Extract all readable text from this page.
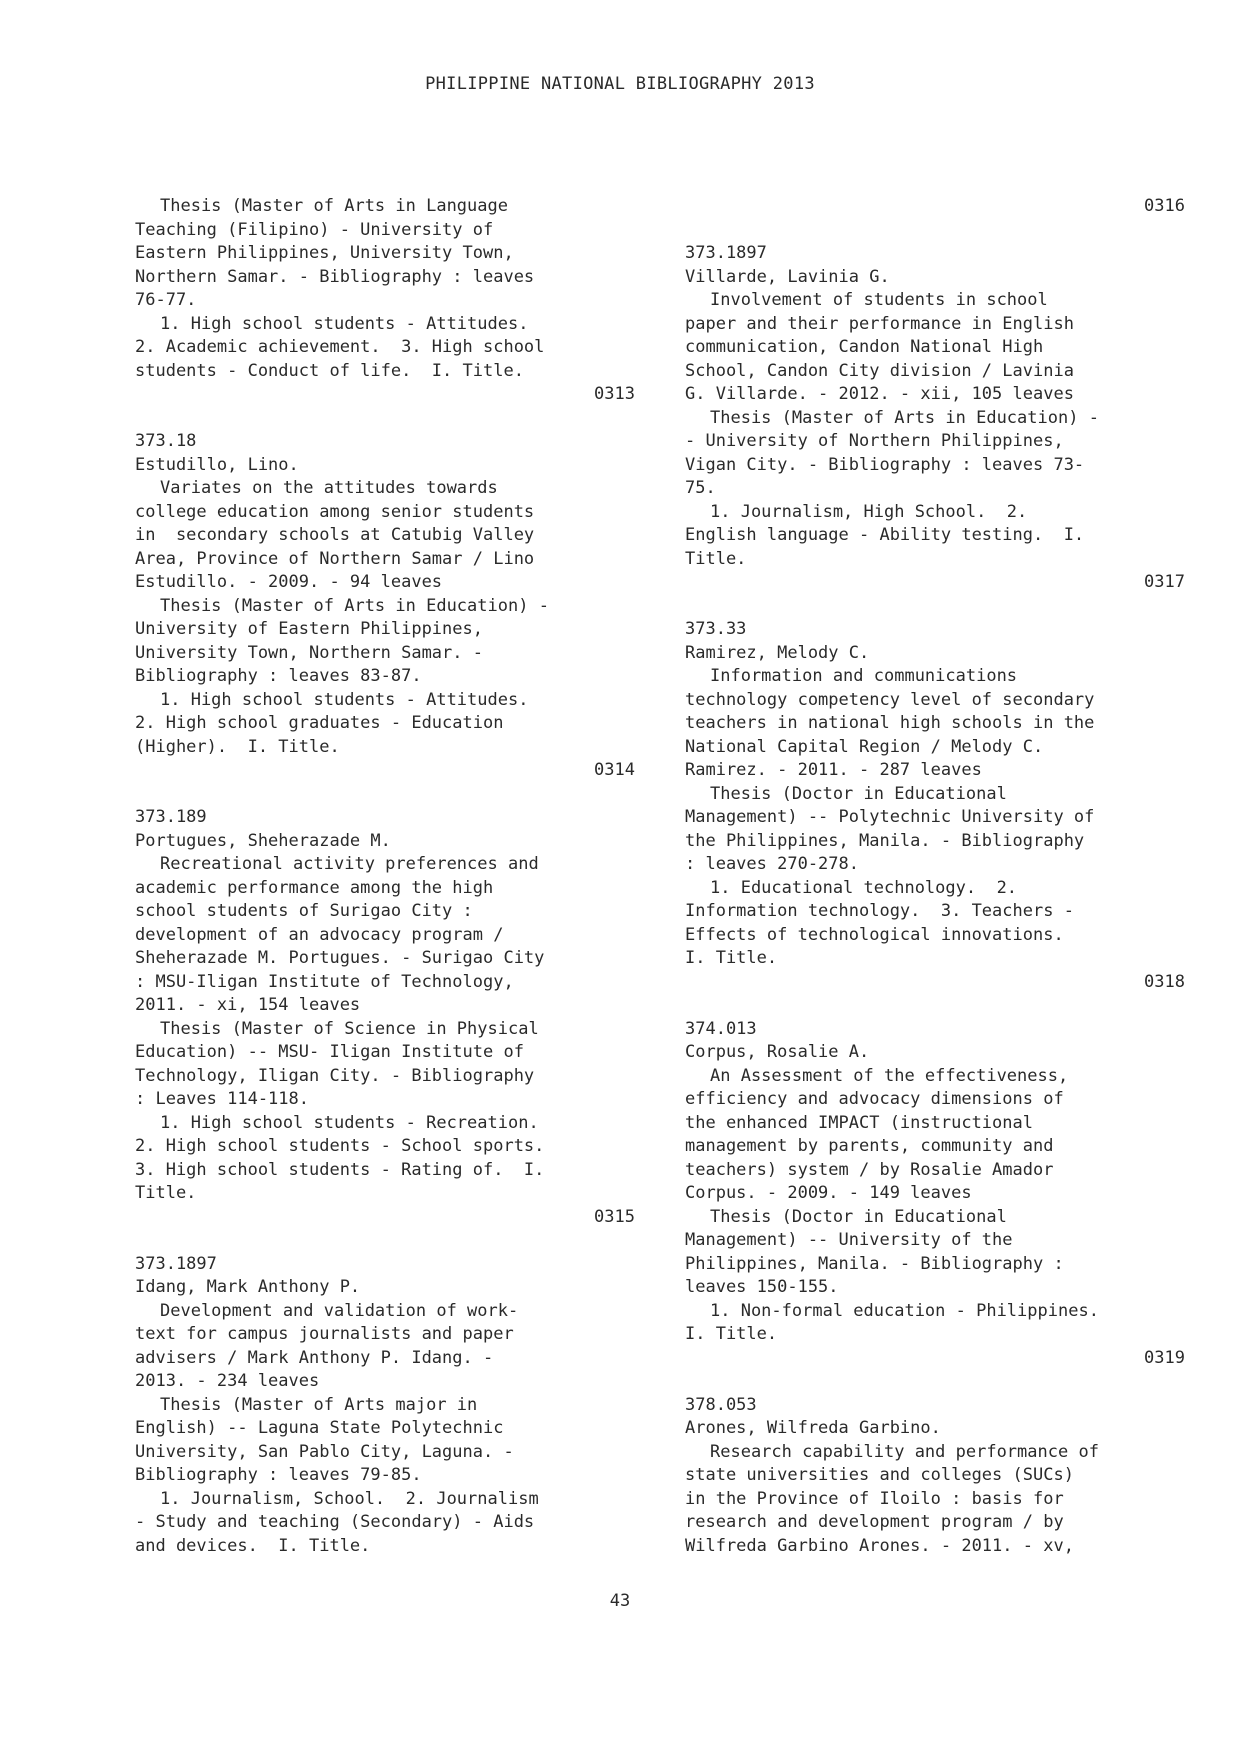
PHILIPPINE NATIONAL BIBLIOGRAPHY 2013
Thesis (Master of Arts in Language
Teaching (Filipino) - University of
Eastern Philippines, University Town,
Northern Samar. - Bibliography : leaves
76-77.
1. High school students - Attitudes.
2. Academic achievement.  3. High school
students - Conduct of life.  I. Title.
0313
373.18
Estudillo, Lino.
Variates on the attitudes towards
college education among senior students
in  secondary schools at Catubig Valley
Area, Province of Northern Samar / Lino
Estudillo. - 2009. - 94 leaves
Thesis (Master of Arts in Education) -
University of Eastern Philippines,
University Town, Northern Samar. -
Bibliography : leaves 83-87.
1. High school students - Attitudes.
2. High school graduates - Education
(Higher).  I. Title.
0314
373.189
Portugues, Sheherazade M.
Recreational activity preferences and
academic performance among the high
school students of Surigao City :
development of an advocacy program /
Sheherazade M. Portugues. - Surigao City
: MSU-Iligan Institute of Technology,
2011. - xi, 154 leaves
Thesis (Master of Science in Physical
Education) -- MSU- Iligan Institute of
Technology, Iligan City. - Bibliography
: Leaves 114-118.
1. High school students - Recreation.
2. High school students - School sports.
3. High school students - Rating of.  I.
Title.
0315
373.1897
Idang, Mark Anthony P.
Development and validation of work-
text for campus journalists and paper
advisers / Mark Anthony P. Idang. -
2013. - 234 leaves
Thesis (Master of Arts major in
English) -- Laguna State Polytechnic
University, San Pablo City, Laguna. -
Bibliography : leaves 79-85.
1. Journalism, School.  2. Journalism
- Study and teaching (Secondary) - Aids
and devices.  I. Title.
0316
373.1897
Villarde, Lavinia G.
Involvement of students in school
paper and their performance in English
communication, Candon National High
School, Candon City division / Lavinia
G. Villarde. - 2012. - xii, 105 leaves
Thesis (Master of Arts in Education) -
- University of Northern Philippines,
Vigan City. - Bibliography : leaves 73-
75.
1. Journalism, High School.  2.
English language - Ability testing.  I.
Title.
0317
373.33
Ramirez, Melody C.
Information and communications
technology competency level of secondary
teachers in national high schools in the
National Capital Region / Melody C.
Ramirez. - 2011. - 287 leaves
Thesis (Doctor in Educational
Management) -- Polytechnic University of
the Philippines, Manila. - Bibliography
: leaves 270-278.
1. Educational technology.  2.
Information technology.  3. Teachers -
Effects of technological innovations.
I. Title.
0318
374.013
Corpus, Rosalie A.
An Assessment of the effectiveness,
efficiency and advocacy dimensions of
the enhanced IMPACT (instructional
management by parents, community and
teachers) system / by Rosalie Amador
Corpus. - 2009. - 149 leaves
Thesis (Doctor in Educational
Management) -- University of the
Philippines, Manila. - Bibliography :
leaves 150-155.
1. Non-formal education - Philippines.
I. Title.
0319
378.053
Arones, Wilfreda Garbino.
Research capability and performance of
state universities and colleges (SUCs)
in the Province of Iloilo : basis for
research and development program / by
Wilfreda Garbino Arones. - 2011. - xv,
43
